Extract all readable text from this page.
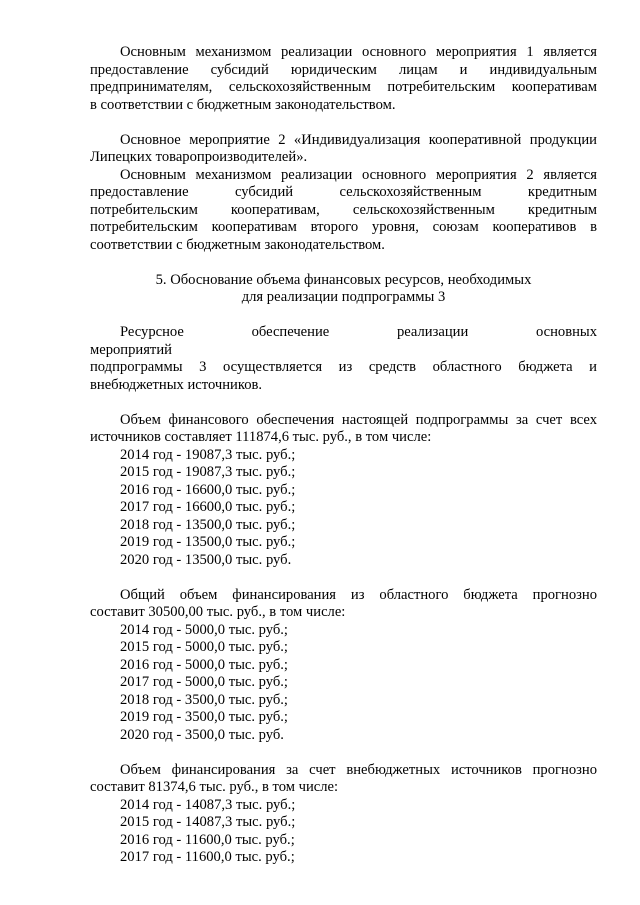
Основным механизмом реализации основного мероприятия 1 является
предоставление субсидий юридическим лицам и индивидуальным
предпринимателям, сельскохозяйственным потребительским кооперативам
в соответствии с бюджетным законодательством.
Основное мероприятие 2 «Индивидуализация кооперативной продукции
Липецких товаропроизводителей».
Основным механизмом реализации основного мероприятия 2 является
предоставление субсидий сельскохозяйственным кредитным
потребительским кооперативам, сельскохозяйственным кредитным
потребительским кооперативам второго уровня, союзам кооперативов в
соответствии с бюджетным законодательством.
5. Обоснование объема финансовых ресурсов, необходимых
для реализации подпрограммы 3
Ресурсное обеспечение реализации основных мероприятий
подпрограммы 3 осуществляется из средств областного бюджета и
внебюджетных источников.
Объем финансового обеспечения настоящей подпрограммы за счет всех
источников составляет 111874,6 тыс. руб., в том числе:
2014 год - 19087,3 тыс. руб.;
2015 год - 19087,3 тыс. руб.;
2016 год - 16600,0 тыс. руб.;
2017 год - 16600,0 тыс. руб.;
2018 год - 13500,0 тыс. руб.;
2019 год - 13500,0 тыс. руб.;
2020 год - 13500,0 тыс. руб.
Общий объем финансирования из областного бюджета прогнозно
составит 30500,00 тыс. руб., в том числе:
2014 год - 5000,0 тыс. руб.;
2015 год - 5000,0 тыс. руб.;
2016 год - 5000,0 тыс. руб.;
2017 год - 5000,0 тыс. руб.;
2018 год - 3500,0 тыс. руб.;
2019 год - 3500,0 тыс. руб.;
2020 год - 3500,0 тыс. руб.
Объем финансирования за счет внебюджетных источников прогнозно
составит 81374,6 тыс. руб., в том числе:
2014 год - 14087,3 тыс. руб.;
2015 год - 14087,3 тыс. руб.;
2016 год - 11600,0 тыс. руб.;
2017 год - 11600,0 тыс. руб.;
